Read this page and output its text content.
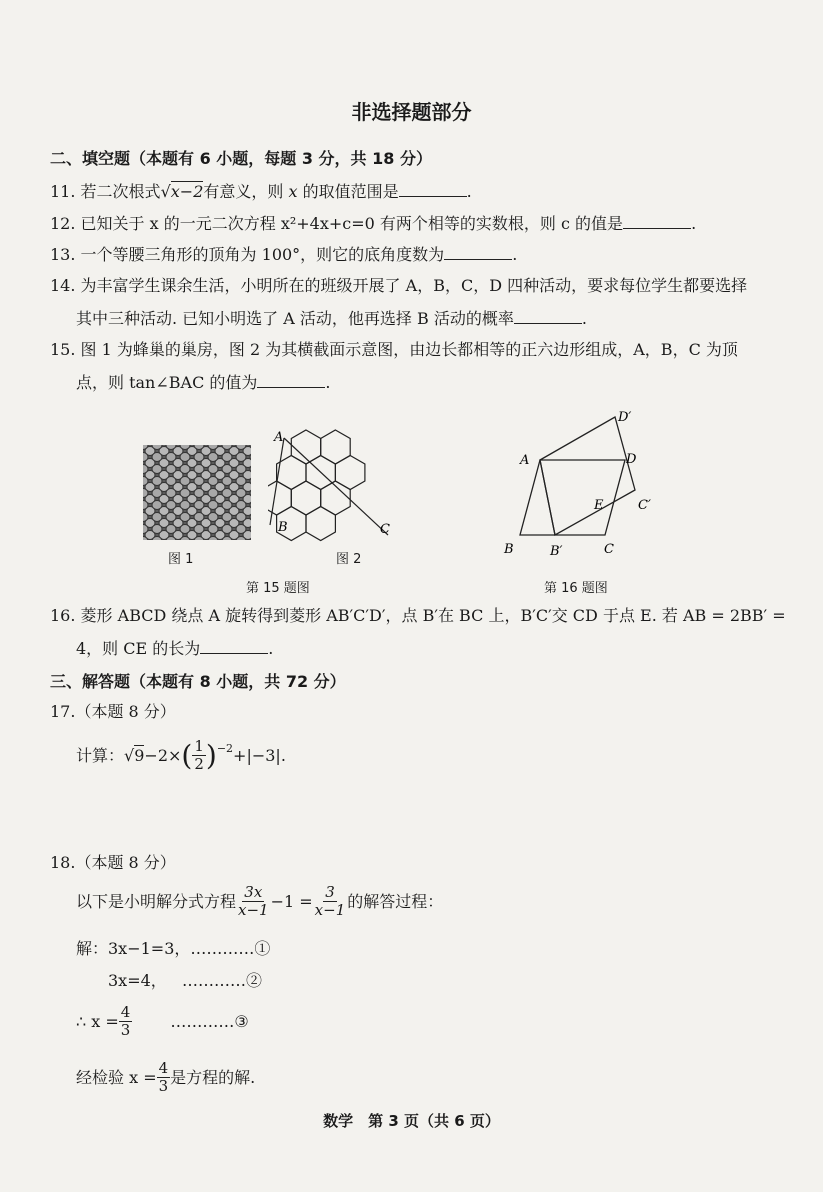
非选择题部分
二、填空题（本题有 6 小题，每题 3 分，共 18 分）
11. 若二次根式√x−2有意义，则 x 的取值范围是	.
12. 已知关于 x 的一元二次方程 x²+4x+c=0 有两个相等的实数根，则 c 的值是	.
13. 一个等腰三角形的顶角为 100°，则它的底角度数为	.
14. 为丰富学生课余生活，小明所在的班级开展了 A，B，C，D 四种活动，要求每位学生都要选择
其中三种活动. 已知小明选了 A 活动，他再选择 B 活动的概率	.
15. 图 1 为蜂巢的巢房，图 2 为其横截面示意图，由边长都相等的正六边形组成，A，B，C 为顶
点，则 tan∠BAC 的值为	.
图 1
A
B	C
图 2
第 15 题图
A
B	C
D
E
B′
C′
D′
第 16 题图
16. 菱形 ABCD 绕点 A 旋转得到菱形 AB′C′D′，点 B′在 BC 上，B′C′交 CD 于点 E. 若 AB = 2BB′ =
4，则 CE 的长为	.
三、解答题（本题有 8 小题，共 72 分）
17.（本题 8 分）
计算： √9 −2× ( $\frac{1}{2} )^{-2} +|-3|$.
18.（本题 8 分）
以下是小明解分式方程 $\frac{3x}{x-1} -1 = \frac{3}{x-1}$ 的解答过程：
解：3x−1=3，…………①
3x=4，   …………②
∴ $x = \frac{4}{3}$ …………③
经检验 $x = \frac{4}{3}$ 是方程的解.
数学　第 3 页（共 6 页）
